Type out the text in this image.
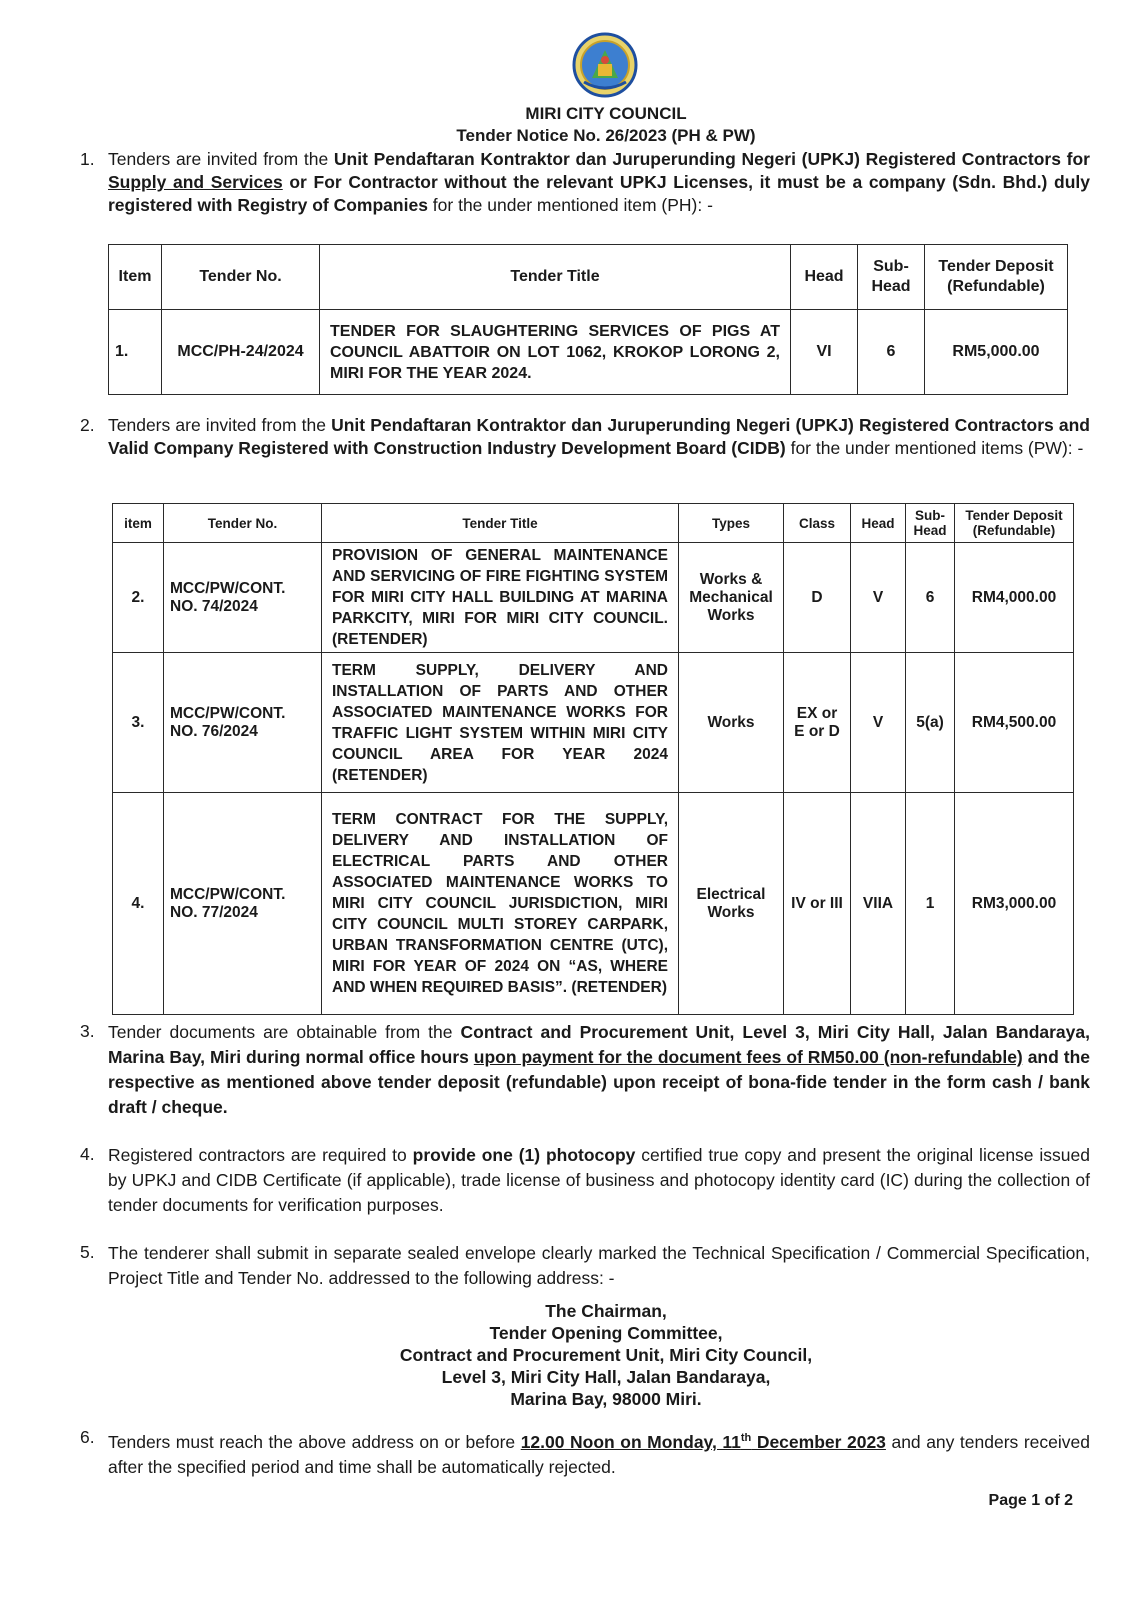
MIRI CITY COUNCIL
Tender Notice No. 26/2023 (PH & PW)
1. Tenders are invited from the Unit Pendaftaran Kontraktor dan Juruperunding Negeri (UPKJ) Registered Contractors for Supply and Services or For Contractor without the relevant UPKJ Licenses, it must be a company (Sdn. Bhd.) duly registered with Registry of Companies for the under mentioned item (PH): -
Item	Tender No.	Tender Title	Head	Sub- Head	Tender Deposit (Refundable)
1.	MCC/PH-24/2024	TENDER FOR SLAUGHTERING SERVICES OF PIGS AT COUNCIL ABATTOIR ON LOT 1062, KROKOP LORONG 2, MIRI FOR THE YEAR 2024.	VI	6	RM5,000.00
2. Tenders are invited from the Unit Pendaftaran Kontraktor dan Juruperunding Negeri (UPKJ) Registered Contractors and Valid Company Registered with Construction Industry Development Board (CIDB) for the under mentioned items (PW): -
item	Tender No.	Tender Title	Types	Class	Head	Sub- Head	Tender Deposit (Refundable)
2.	MCC/PW/CONT. NO. 74/2024	PROVISION OF GENERAL MAINTENANCE AND SERVICING OF FIRE FIGHTING SYSTEM FOR MIRI CITY HALL BUILDING AT MARINA PARKCITY, MIRI FOR MIRI CITY COUNCIL. (RETENDER)	Works & Mechanical Works	D	V	6	RM4,000.00
3.	MCC/PW/CONT. NO. 76/2024	TERM SUPPLY, DELIVERY AND INSTALLATION OF PARTS AND OTHER ASSOCIATED MAINTENANCE WORKS FOR TRAFFIC LIGHT SYSTEM WITHIN MIRI CITY COUNCIL AREA FOR YEAR 2024 (RETENDER)	Works	EX or E or D	V	5(a)	RM4,500.00
4.	MCC/PW/CONT. NO. 77/2024	TERM CONTRACT FOR THE SUPPLY, DELIVERY AND INSTALLATION OF ELECTRICAL PARTS AND OTHER ASSOCIATED MAINTENANCE WORKS TO MIRI CITY COUNCIL JURISDICTION, MIRI CITY COUNCIL MULTI STOREY CARPARK, URBAN TRANSFORMATION CENTRE (UTC), MIRI FOR YEAR OF 2024 ON “AS, WHERE AND WHEN REQUIRED BASIS”. (RETENDER)	Electrical Works	IV or III	VIIA	1	RM3,000.00
3. Tender documents are obtainable from the Contract and Procurement Unit, Level 3, Miri City Hall, Jalan Bandaraya, Marina Bay, Miri during normal office hours upon payment for the document fees of RM50.00 (non-refundable) and the respective as mentioned above tender deposit (refundable) upon receipt of bona-fide tender in the form cash / bank draft / cheque.
4. Registered contractors are required to provide one (1) photocopy certified true copy and present the original license issued by UPKJ and CIDB Certificate (if applicable), trade license of business and photocopy identity card (IC) during the collection of tender documents for verification purposes.
5. The tenderer shall submit in separate sealed envelope clearly marked the Technical Specification / Commercial Specification, Project Title and Tender No. addressed to the following address: -
The Chairman,
Tender Opening Committee,
Contract and Procurement Unit, Miri City Council,
Level 3, Miri City Hall, Jalan Bandaraya,
Marina Bay, 98000 Miri.
6. Tenders must reach the above address on or before 12.00 Noon on Monday, 11th December 2023 and any tenders received after the specified period and time shall be automatically rejected.
Page 1 of 2
